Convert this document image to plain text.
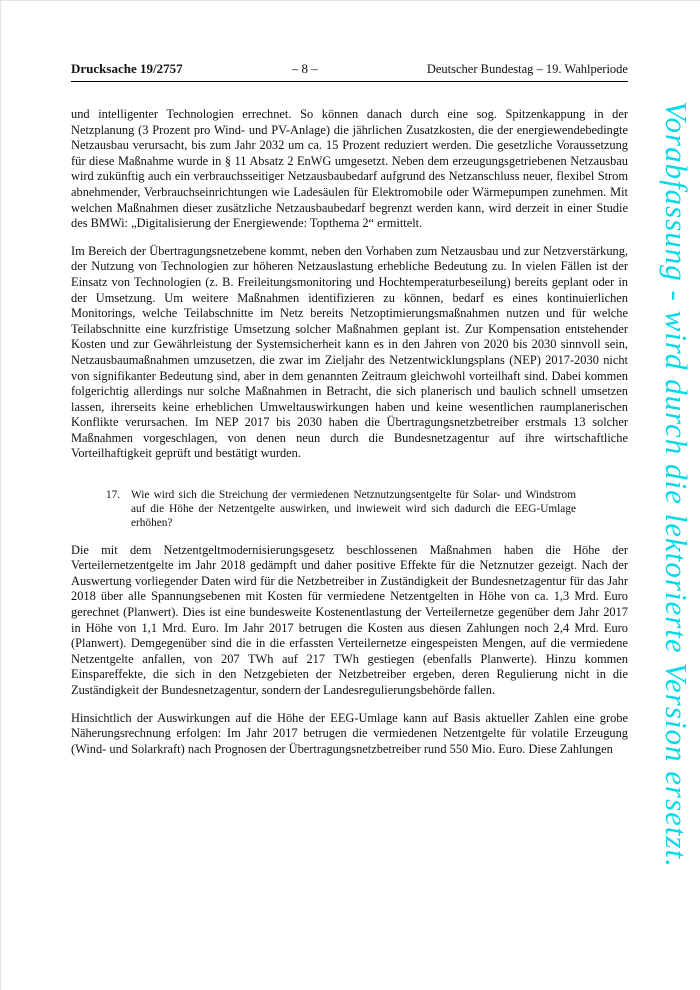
Drucksache 19/2757	– 8 –	Deutscher Bundestag – 19. Wahlperiode

und intelligenter Technologien errechnet. So können danach durch eine sog. Spitzenkappung in der Netzplanung (3 Prozent pro Wind- und PV-Anlage) die jährlichen Zusatzkosten, die der energiewendebedingte Netzausbau verursacht, bis zum Jahr 2032 um ca. 15 Prozent reduziert werden. Die gesetzliche Voraussetzung für diese Maßnahme wurde in § 11 Absatz 2 EnWG umgesetzt. Neben dem erzeugungsgetriebenen Netzausbau wird zukünftig auch ein verbrauchsseitiger Netzausbaubedarf aufgrund des Netzanschluss neuer, flexibel Strom abnehmender, Verbrauchseinrichtungen wie Ladesäulen für Elektromobile oder Wärmepumpen zunehmen. Mit welchen Maßnahmen dieser zusätzliche Netzausbaubedarf begrenzt werden kann, wird derzeit in einer Studie des BMWi: „Digitalisierung der Energiewende: Topthema 2“ ermittelt.

Im Bereich der Übertragungsnetzebene kommt, neben den Vorhaben zum Netzausbau und zur Netzverstärkung, der Nutzung von Technologien zur höheren Netzauslastung erhebliche Bedeutung zu. In vielen Fällen ist der Einsatz von Technologien (z. B. Freileitungsmonitoring und Hochtemperaturbeseilung) bereits geplant oder in der Umsetzung. Um weitere Maßnahmen identifizieren zu können, bedarf es eines kontinuierlichen Monitorings, welche Teilabschnitte im Netz bereits Netzoptimierungsmaßnahmen nutzen und für welche Teilabschnitte eine kurzfristige Umsetzung solcher Maßnahmen geplant ist. Zur Kompensation entstehender Kosten und zur Gewährleistung der Systemsicherheit kann es in den Jahren von 2020 bis 2030 sinnvoll sein, Netzausbaumaßnahmen umzusetzen, die zwar im Zieljahr des Netzentwicklungsplans (NEP) 2017-2030 nicht von signifikanter Bedeutung sind, aber in dem genannten Zeitraum gleichwohl vorteilhaft sind. Dabei kommen folgerichtig allerdings nur solche Maßnahmen in Betracht, die sich planerisch und baulich schnell umsetzen lassen, ihrerseits keine erheblichen Umweltauswirkungen haben und keine wesentlichen raumplanerischen Konflikte verursachen. Im NEP 2017 bis 2030 haben die Übertragungsnetzbetreiber erstmals 13 solcher Maßnahmen vorgeschlagen, von denen neun durch die Bundesnetzagentur auf ihre wirtschaftliche Vorteilhaftigkeit geprüft und bestätigt wurden.

17. Wie wird sich die Streichung der vermiedenen Netznutzungsentgelte für Solar- und Windstrom auf die Höhe der Netzentgelte auswirken, und inwieweit wird sich dadurch die EEG-Umlage erhöhen?

Die mit dem Netzentgeltmodernisierungsgesetz beschlossenen Maßnahmen haben die Höhe der Verteilernetzentgelte im Jahr 2018 gedämpft und daher positive Effekte für die Netznutzer gezeigt. Nach der Auswertung vorliegender Daten wird für die Netzbetreiber in Zuständigkeit der Bundesnetzagentur für das Jahr 2018 über alle Spannungsebenen mit Kosten für vermiedene Netzentgelten in Höhe von ca. 1,3 Mrd. Euro gerechnet (Planwert). Dies ist eine bundesweite Kostenentlastung der Verteilernetze gegenüber dem Jahr 2017 in Höhe von 1,1 Mrd. Euro. Im Jahr 2017 betrugen die Kosten aus diesen Zahlungen noch 2,4 Mrd. Euro (Planwert). Demgegenüber sind die in die erfassten Verteilernetze eingespeisten Mengen, auf die vermiedene Netzentgelte anfallen, von 207 TWh auf 217 TWh gestiegen (ebenfalls Planwerte). Hinzu kommen Einspareffekte, die sich in den Netzgebieten der Netzbetreiber ergeben, deren Regulierung nicht in die Zuständigkeit der Bundesnetzagentur, sondern der Landesregulierungsbehörde fallen.

Hinsichtlich der Auswirkungen auf die Höhe der EEG-Umlage kann auf Basis aktueller Zahlen eine grobe Näherungsrechnung erfolgen: Im Jahr 2017 betrugen die vermiedenen Netzentgelte für volatile Erzeugung (Wind- und Solarkraft) nach Prognosen der Übertragungsnetzbetreiber rund 550 Mio. Euro. Diese Zahlungen	Vorabfassung - wird durch die lektorierte Version ersetzt.
